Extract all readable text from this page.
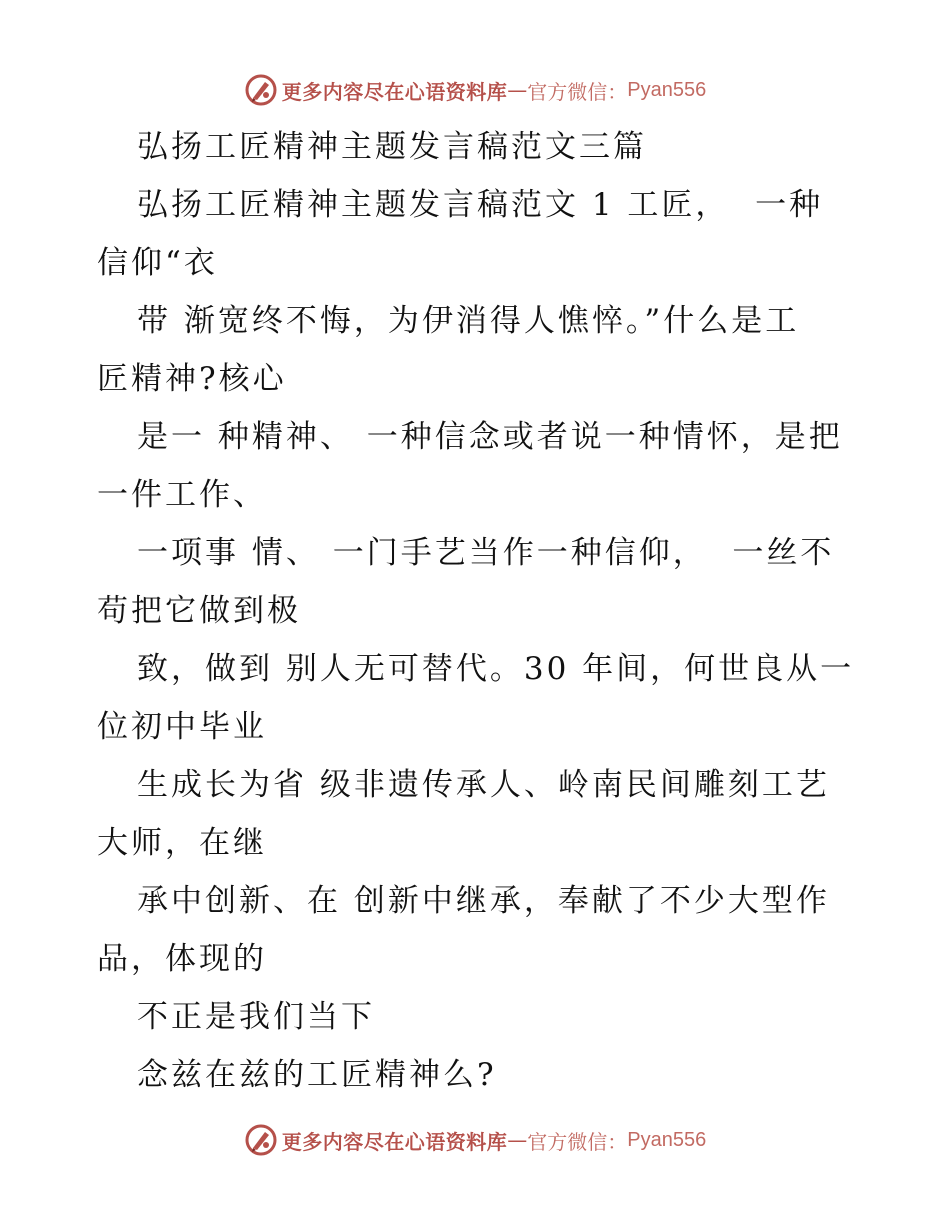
更多内容尽在心语资料库 — 官方微信： Pyan556
弘扬工匠精神主题发言稿范文三篇
弘扬工匠精神主题发言稿范文 1 工匠，  一种
信仰“衣
带 渐宽终不悔，为伊消得人憔悴。”什么是工
匠精神?核心
是一 种精神、 一种信念或者说一种情怀，是把
一件工作、
一项事 情、 一门手艺当作一种信仰，  一丝不
苟把它做到极
致，做到 别人无可替代。30 年间，何世良从一
位初中毕业
生成长为省 级非遗传承人、岭南民间雕刻工艺
大师，在继
承中创新、在 创新中继承，奉献了不少大型作
品，体现的
不正是我们当下
念兹在兹的工匠精神么?
更多内容尽在心语资料库 — 官方微信： Pyan556
